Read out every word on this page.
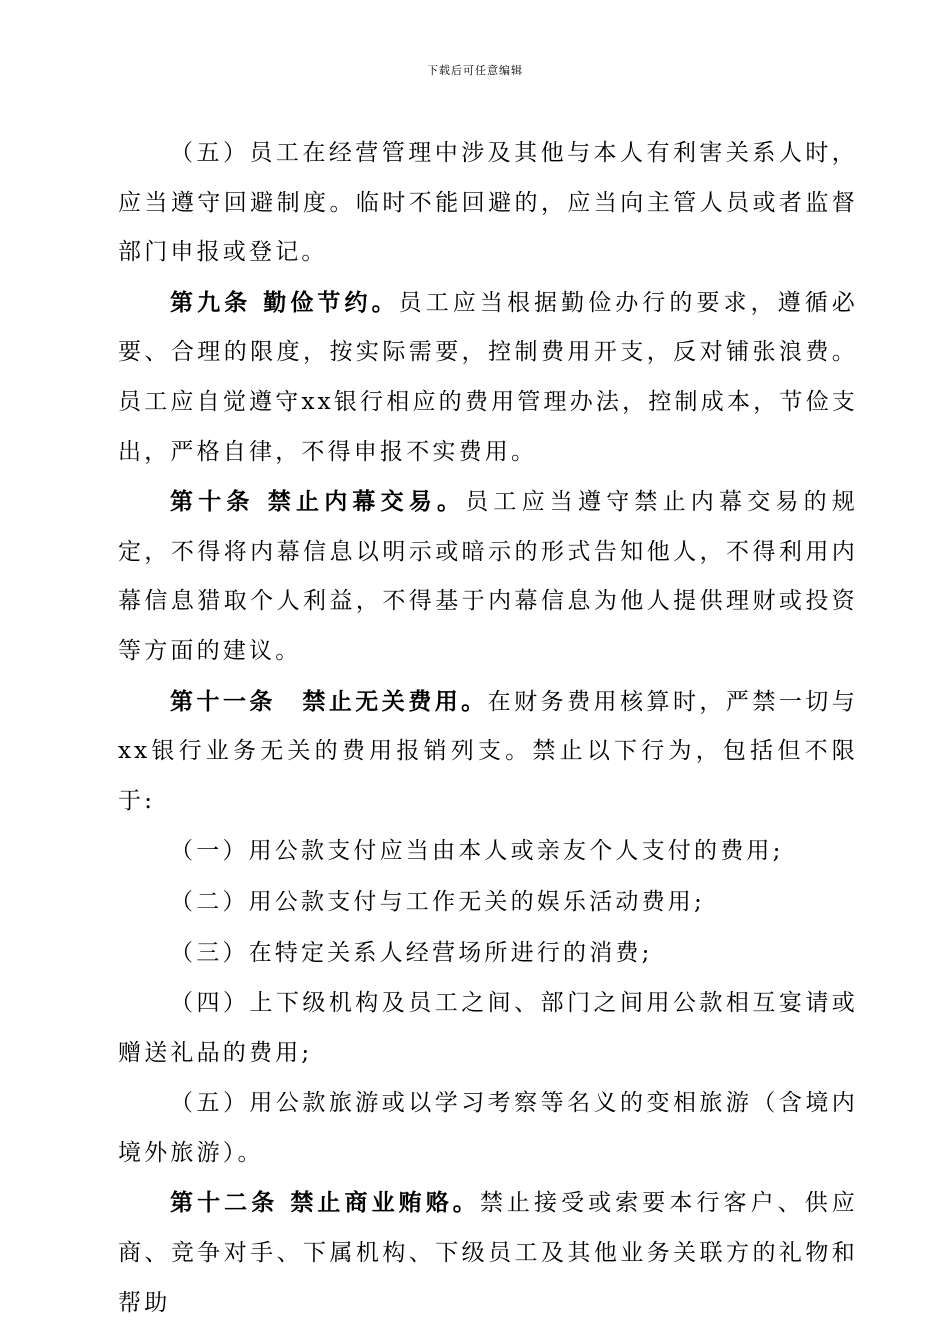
下载后可任意编辑

（五）员工在经营管理中涉及其他与本人有利害关系人时，应当遵守回避制度。临时不能回避的，应当向主管人员或者监督部门申报或登记。

第九条 勤俭节约。员工应当根据勤俭办行的要求，遵循必要、合理的限度，按实际需要，控制费用开支，反对铺张浪费。员工应自觉遵守xx银行相应的费用管理办法，控制成本，节俭支出，严格自律，不得申报不实费用。

第十条 禁止内幕交易。员工应当遵守禁止内幕交易的规定，不得将内幕信息以明示或暗示的形式告知他人，不得利用内幕信息猎取个人利益，不得基于内幕信息为他人提供理财或投资等方面的建议。

第十一条　禁止无关费用。在财务费用核算时，严禁一切与xx银行业务无关的费用报销列支。禁止以下行为，包括但不限于:

（一）用公款支付应当由本人或亲友个人支付的费用;

（二）用公款支付与工作无关的娱乐活动费用;

（三）在特定关系人经营场所进行的消费;

（四）上下级机构及员工之间、部门之间用公款相互宴请或赠送礼品的费用;

（五）用公款旅游或以学习考察等名义的变相旅游（含境内境外旅游）。

第十二条 禁止商业贿赂。禁止接受或索要本行客户、供应商、竞争对手、下属机构、下级员工及其他业务关联方的礼物和帮助
